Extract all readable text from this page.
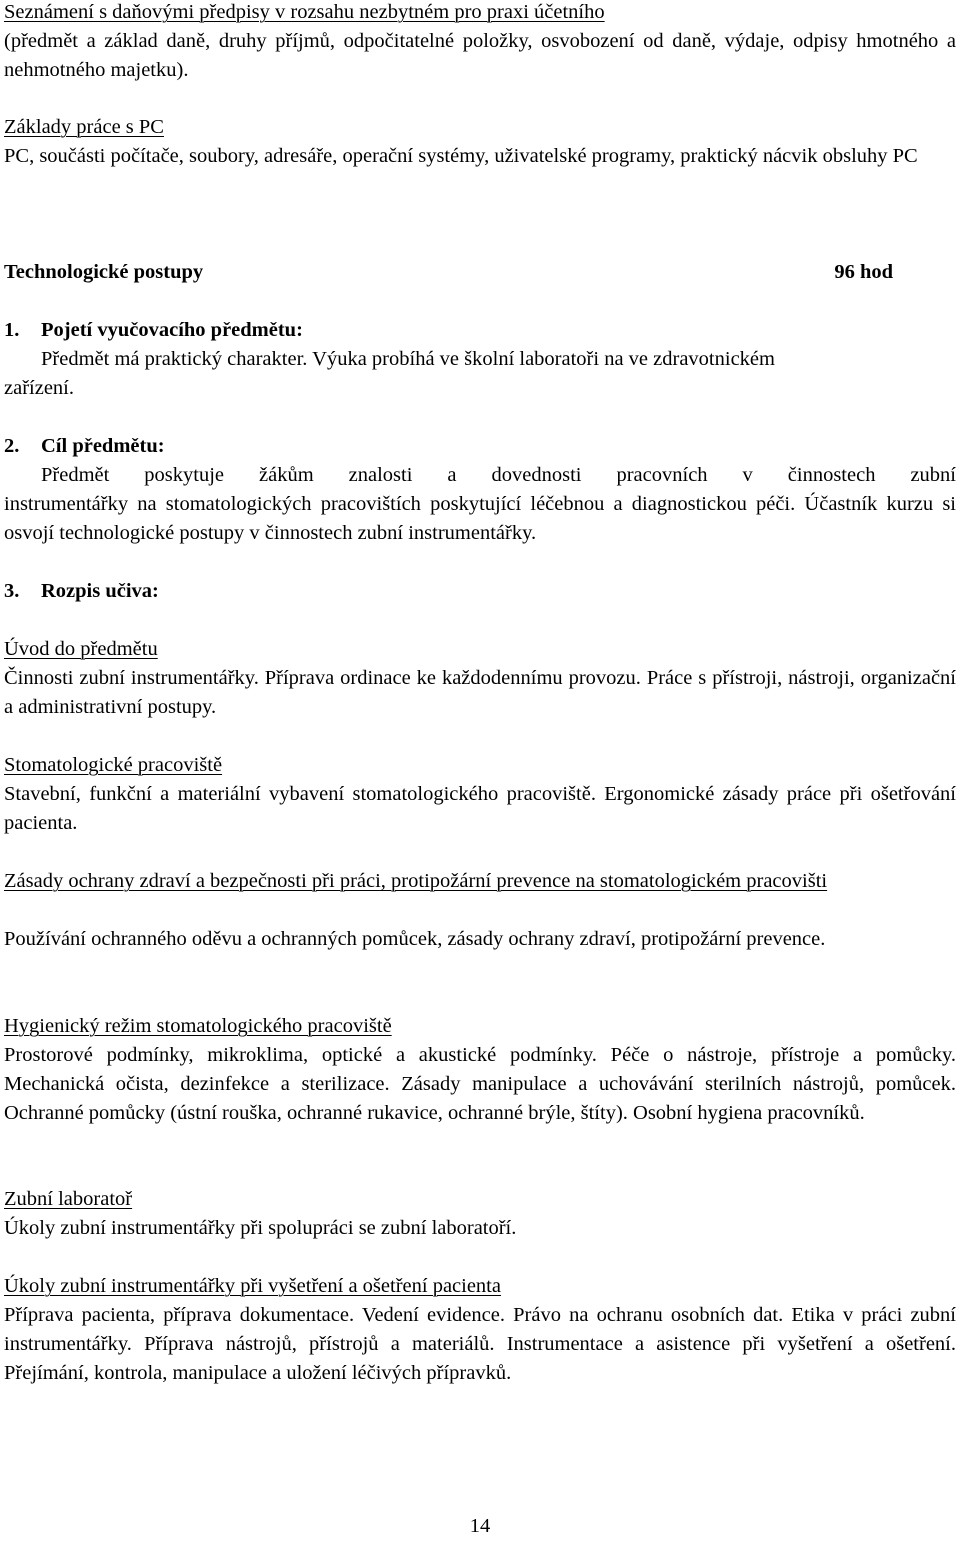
Seznámení s daňovými předpisy v rozsahu nezbytném pro praxi účetního

(předmět a základ daně, druhy příjmů, odpočitatelné položky, osvobození od daně, výdaje, odpisy hmotného a nehmotného majetku).

Základy práce s PC

PC, součásti počítače, soubory, adresáře, operační systémy, uživatelské programy, praktický nácvik obsluhy PC

Technologické postupy	96 hod

1. Pojetí vyučovacího předmětu:

Předmět má praktický charakter. Výuka probíhá ve školní laboratoři na ve zdravotnickém

zařízení.

2. Cíl předmětu:

Předmět poskytuje žákům znalosti a dovednosti pracovních v činnostech zubní

instrumentářky na stomatologických pracovištích poskytující léčebnou a diagnostickou péči. Účastník kurzu si osvojí technologické postupy v činnostech zubní instrumentářky.

3. Rozpis učiva:

Úvod do předmětu

Činnosti zubní instrumentářky. Příprava ordinace ke každodennímu provozu. Práce s přístroji, nástroji, organizační a administrativní postupy.

Stomatologické pracoviště

Stavební, funkční a materiální vybavení stomatologického pracoviště. Ergonomické zásady práce při ošetřování pacienta.

Zásady ochrany zdraví a bezpečnosti při práci, protipožární prevence na stomatologickém pracovišti

Používání ochranného oděvu a ochranných pomůcek, zásady ochrany zdraví, protipožární prevence.

Hygienický režim stomatologického pracoviště

Prostorové podmínky, mikroklima, optické a akustické podmínky. Péče o nástroje, přístroje a pomůcky. Mechanická očista, dezinfekce a sterilizace. Zásady manipulace a uchovávání sterilních nástrojů, pomůcek. Ochranné pomůcky (ústní rouška, ochranné rukavice, ochranné brýle, štíty). Osobní hygiena pracovníků.

Zubní laboratoř

Úkoly zubní instrumentářky při spolupráci se zubní laboratoří.

Úkoly zubní instrumentářky při vyšetření a ošetření pacienta

Příprava pacienta, příprava dokumentace. Vedení evidence. Právo na ochranu osobních dat. Etika v práci zubní instrumentářky. Příprava nástrojů, přístrojů a materiálů. Instrumentace a asistence při vyšetření a ošetření. Přejímání, kontrola, manipulace a uložení léčivých přípravků.

14
